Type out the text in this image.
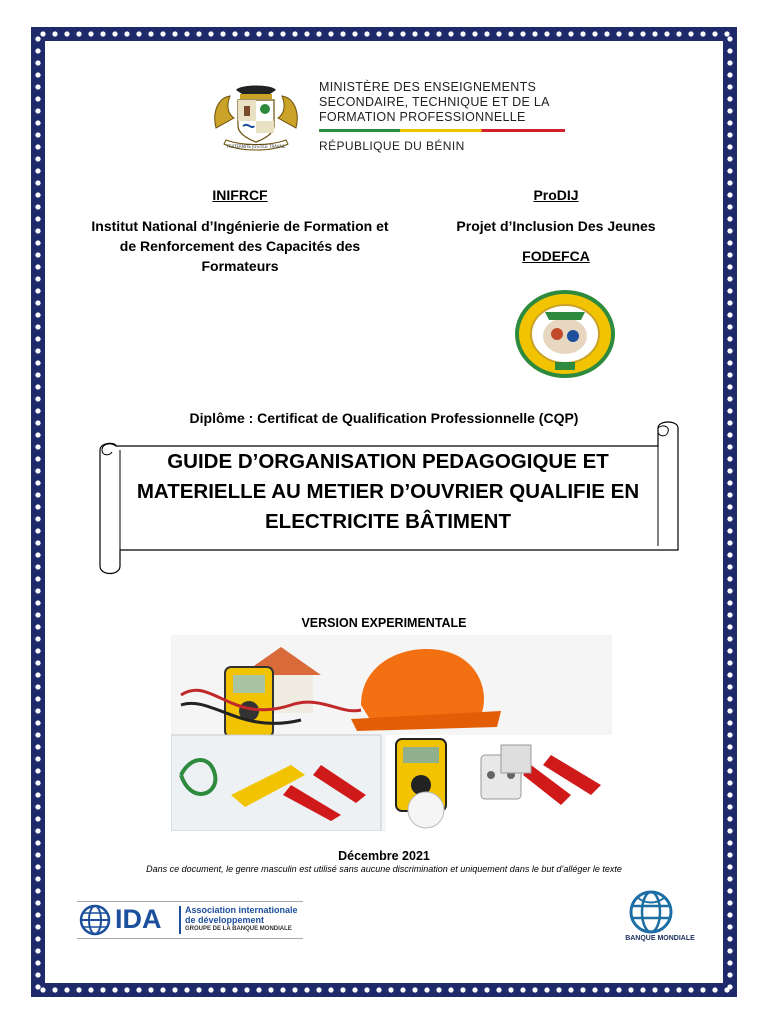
FRATERNITÉ JUSTICE TRAVAIL
MINISTÈRE DES ENSEIGNEMENTS
SECONDAIRE, TECHNIQUE ET DE LA
FORMATION PROFESSIONNELLE
RÉPUBLIQUE DU BÉNIN
INIFRCF
Institut National d’Ingénierie de Formation et
de Renforcement des Capacités des
Formateurs
ProDIJ
Projet d’Inclusion Des Jeunes
FODEFCA
Diplôme : Certificat de Qualification Professionnelle (CQP)
GUIDE D’ORGANISATION PEDAGOGIQUE ET
MATERIELLE AU METIER D’OUVRIER QUALIFIE EN
ELECTRICITE BÂTIMENT
VERSION EXPERIMENTALE
Décembre 2021
Dans ce document, le genre masculin est utilisé sans aucune discrimination et uniquement dans le but d’alléger le texte
IDA	Association internationale
de développement
GROUPE DE LA BANQUE MONDIALE
BANQUE MONDIALE
